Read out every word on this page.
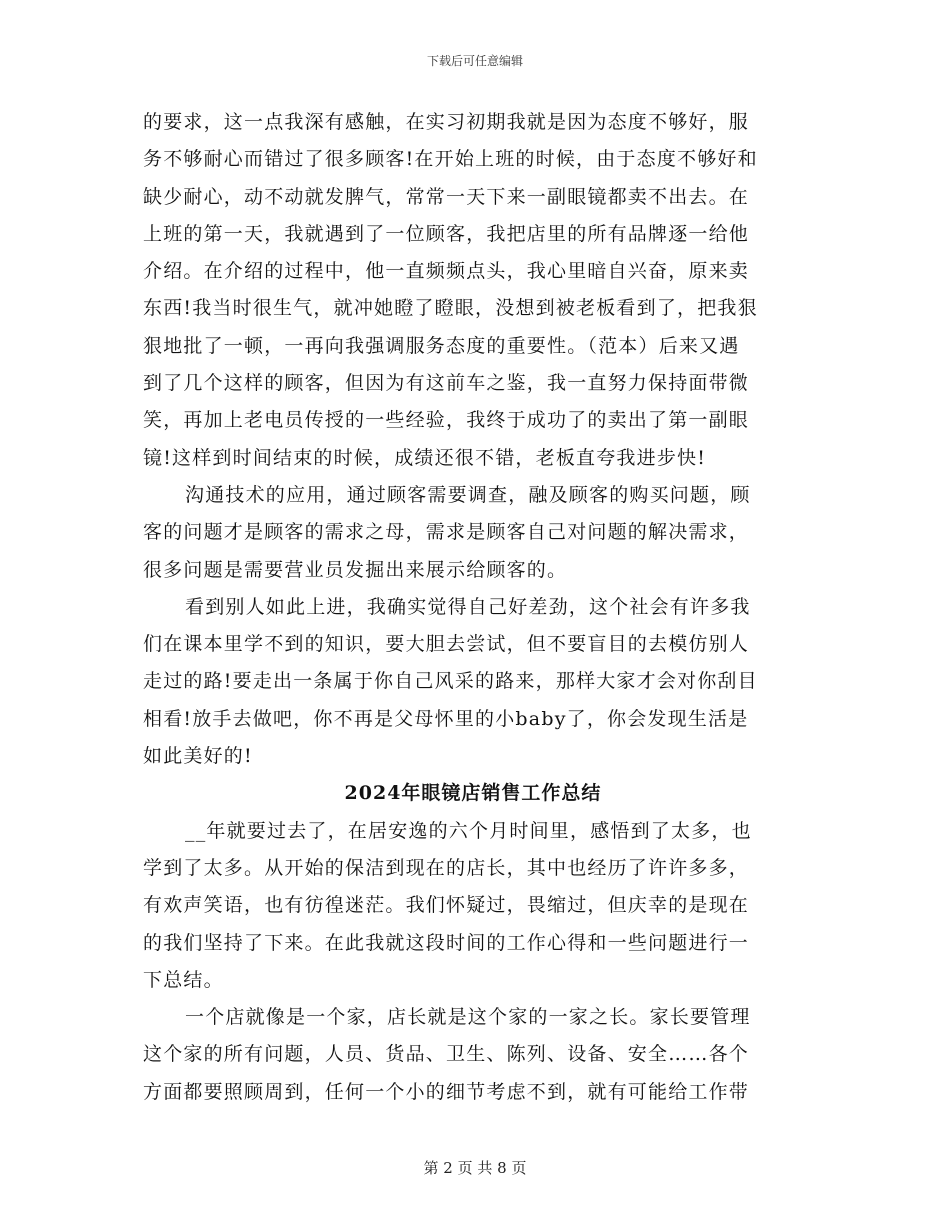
下载后可任意编辑
的要求，这一点我深有感触，在实习初期我就是因为态度不够好，服
务不够耐心而错过了很多顾客!在开始上班的时候，由于态度不够好和
缺少耐心，动不动就发脾气，常常一天下来一副眼镜都卖不出去。在
上班的第一天，我就遇到了一位顾客，我把店里的所有品牌逐一给他
介绍。在介绍的过程中，他一直频频点头，我心里暗自兴奋，原来卖
东西!我当时很生气，就冲她瞪了瞪眼，没想到被老板看到了，把我狠
狠地批了一顿，一再向我强调服务态度的重要性。（范本）后来又遇
到了几个这样的顾客，但因为有这前车之鉴，我一直努力保持面带微
笑，再加上老电员传授的一些经验，我终于成功了的卖出了第一副眼
镜!这样到时间结束的时候，成绩还很不错，老板直夸我进步快!
沟通技术的应用，通过顾客需要调查，融及顾客的购买问题，顾
客的问题才是顾客的需求之母，需求是顾客自己对问题的解决需求，
很多问题是需要营业员发掘出来展示给顾客的。
看到别人如此上进，我确实觉得自己好差劲，这个社会有许多我
们在课本里学不到的知识，要大胆去尝试，但不要盲目的去模仿别人
走过的路!要走出一条属于你自己风采的路来，那样大家才会对你刮目
相看!放手去做吧，你不再是父母怀里的小baby了，你会发现生活是
如此美好的!
2024年眼镜店销售工作总结
__年就要过去了，在居安逸的六个月时间里，感悟到了太多，也
学到了太多。从开始的保洁到现在的店长，其中也经历了许许多多，
有欢声笑语，也有彷徨迷茫。我们怀疑过，畏缩过，但庆幸的是现在
的我们坚持了下来。在此我就这段时间的工作心得和一些问题进行一
下总结。
一个店就像是一个家，店长就是这个家的一家之长。家长要管理
这个家的所有问题，人员、货品、卫生、陈列、设备、安全……各个
方面都要照顾周到，任何一个小的细节考虑不到，就有可能给工作带
第 2 页 共 8 页
